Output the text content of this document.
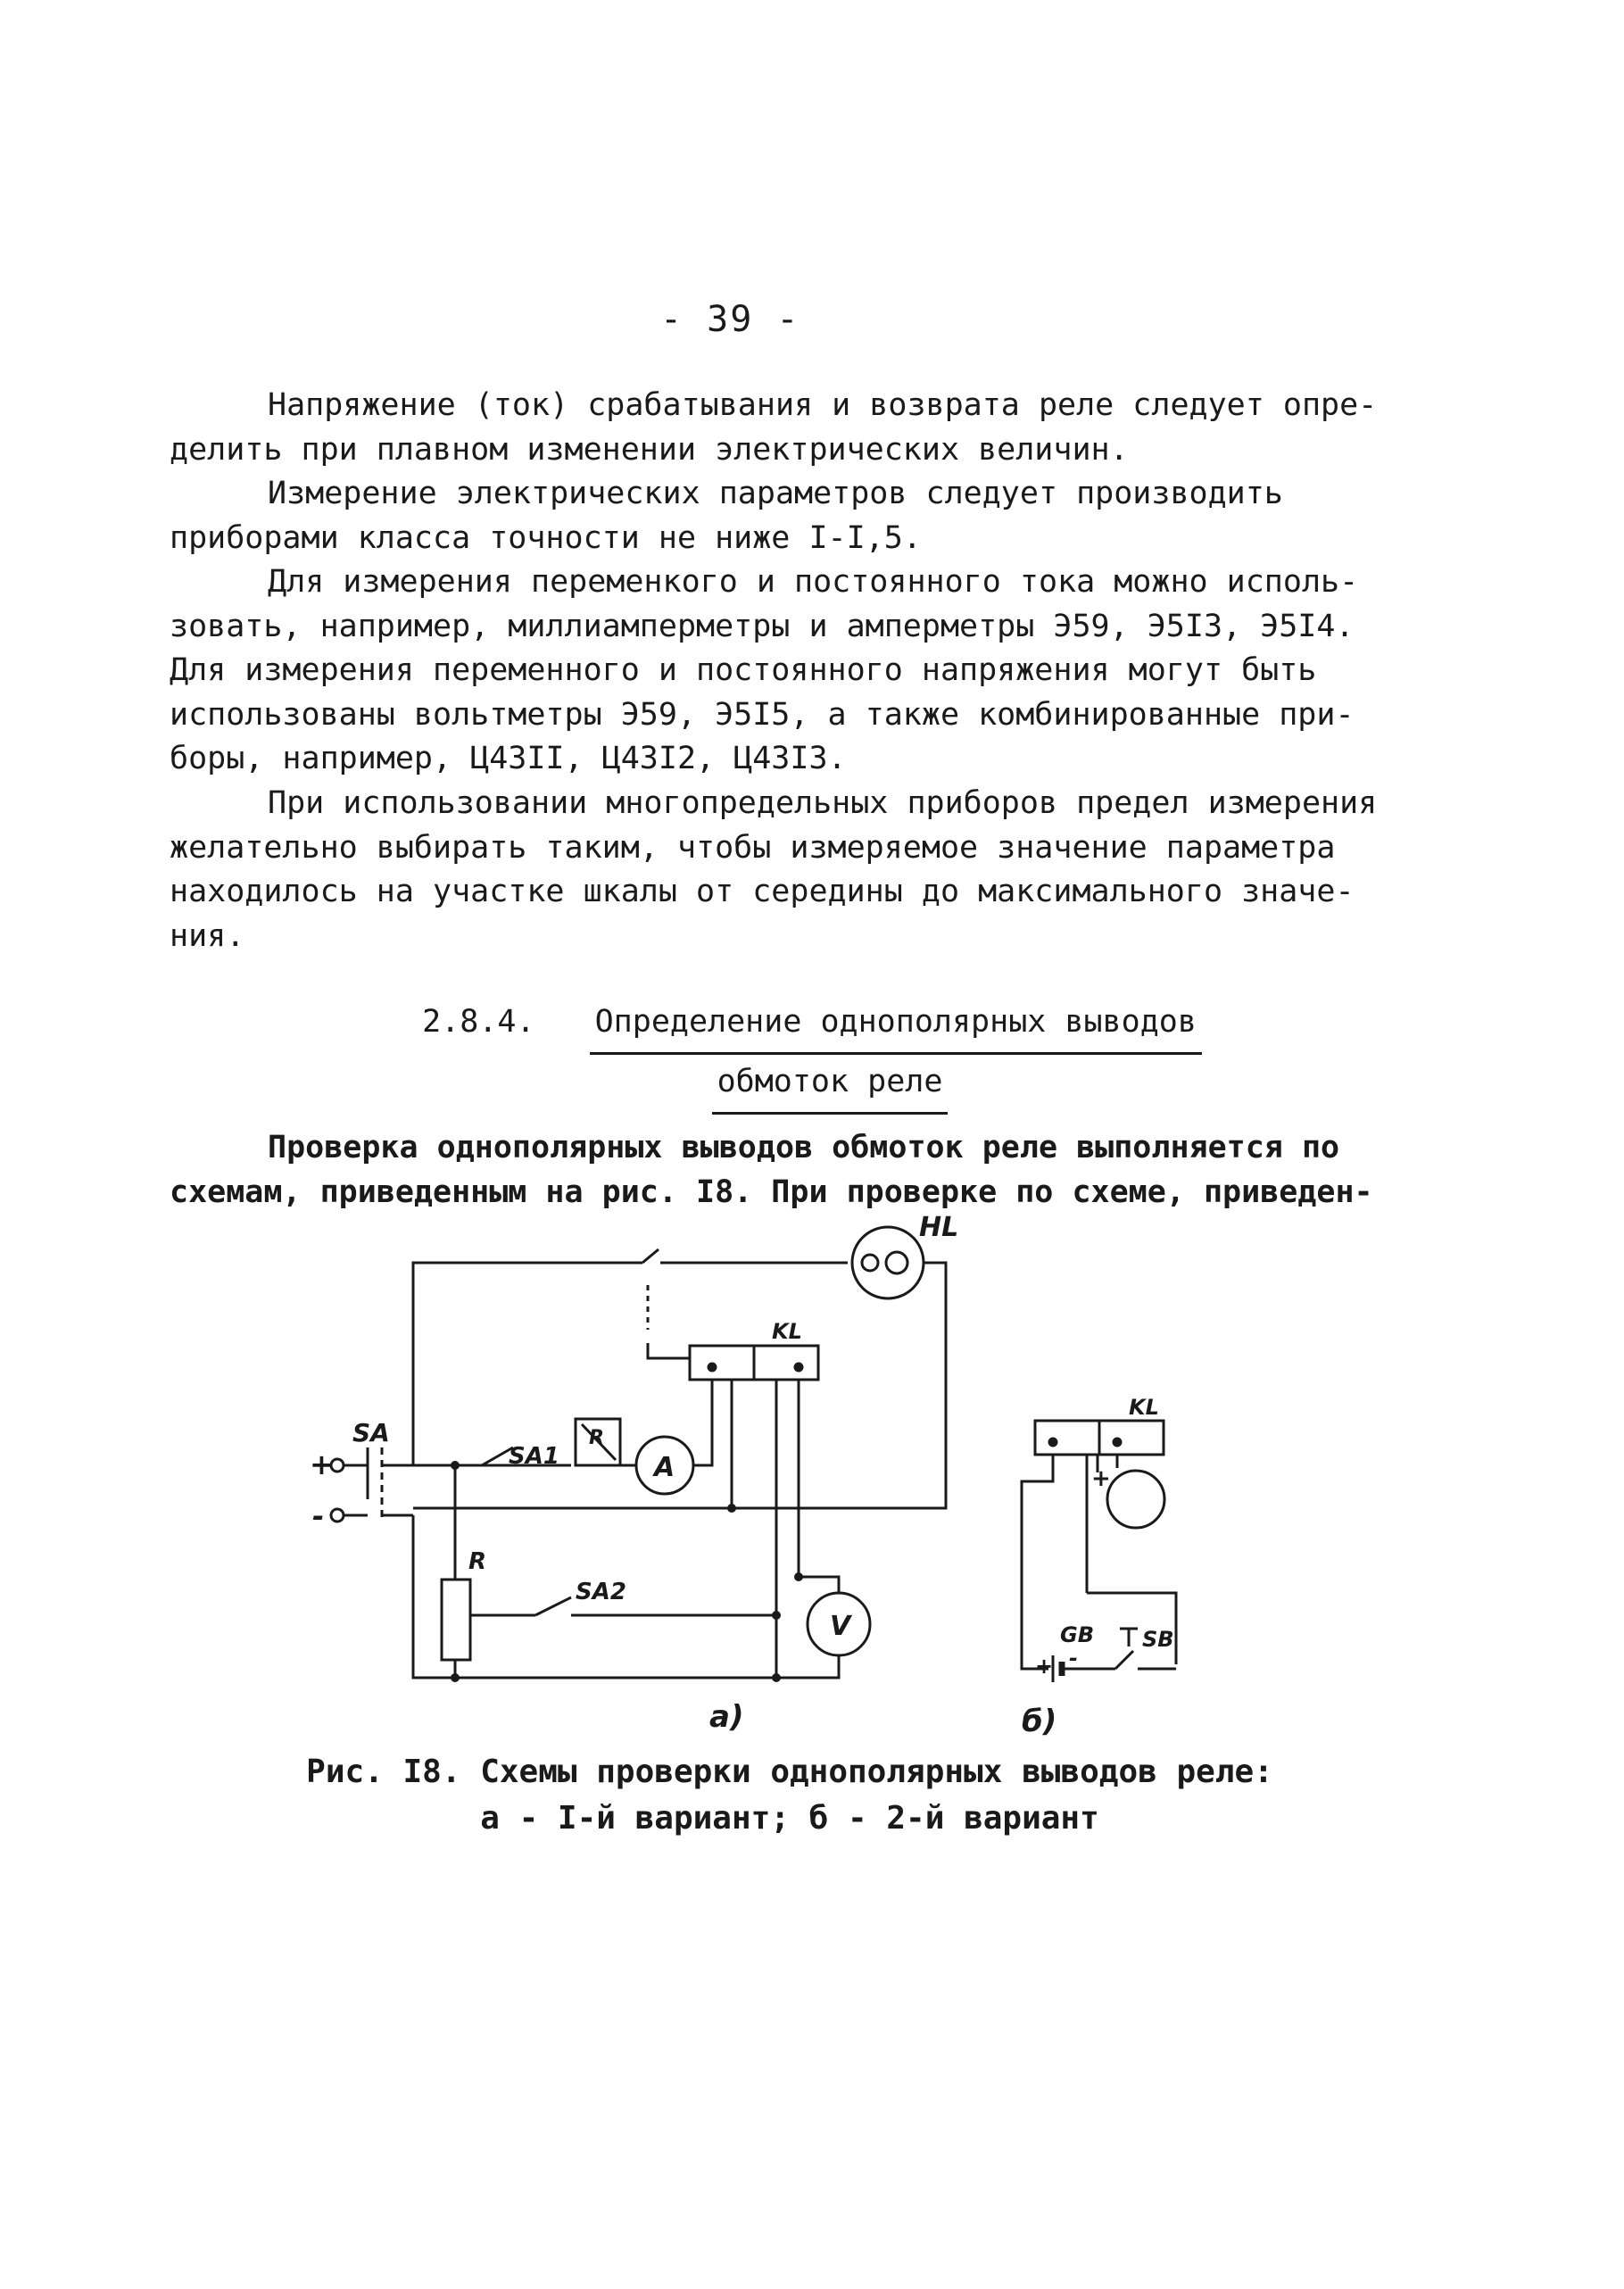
- 39 -

Напряжение (ток) срабатывания и возврата реле следует опре-

делить при плавном изменении электрических величин.

Измерение электрических параметров следует производить

приборами класса точности не ниже I-I,5.

Для измерения переменкого и постоянного тока можно исполь-

зовать, например, миллиамперметры и амперметры Э59, Э5I3, Э5I4.

Для измерения переменного и постоянного напряжения могут быть

использованы вольтметры Э59, Э5I5, а также комбинированные при-

боры, например, Ц43II, Ц43I2, Ц43I3.

При использовании многопредельных приборов предел измерения

желательно выбирать таким, чтобы измеряемое значение параметра

находилось на участке шкалы от середины до максимального значе-

ния.

2.8.4. Определение однополярных выводов
обмоток реле

Проверка однополярных выводов обмоток реле выполняется по

схемам, приведенным на рис. I8. При проверке по схеме, приведен-

HL
KL
SA
+
-
SA1
R
A
R
SA2
V
а)
KL
+
GB
+ -
SB
б)
Рис. I8. Схемы проверки однополярных выводов реле:
а - I-й вариант; б - 2-й вариант
